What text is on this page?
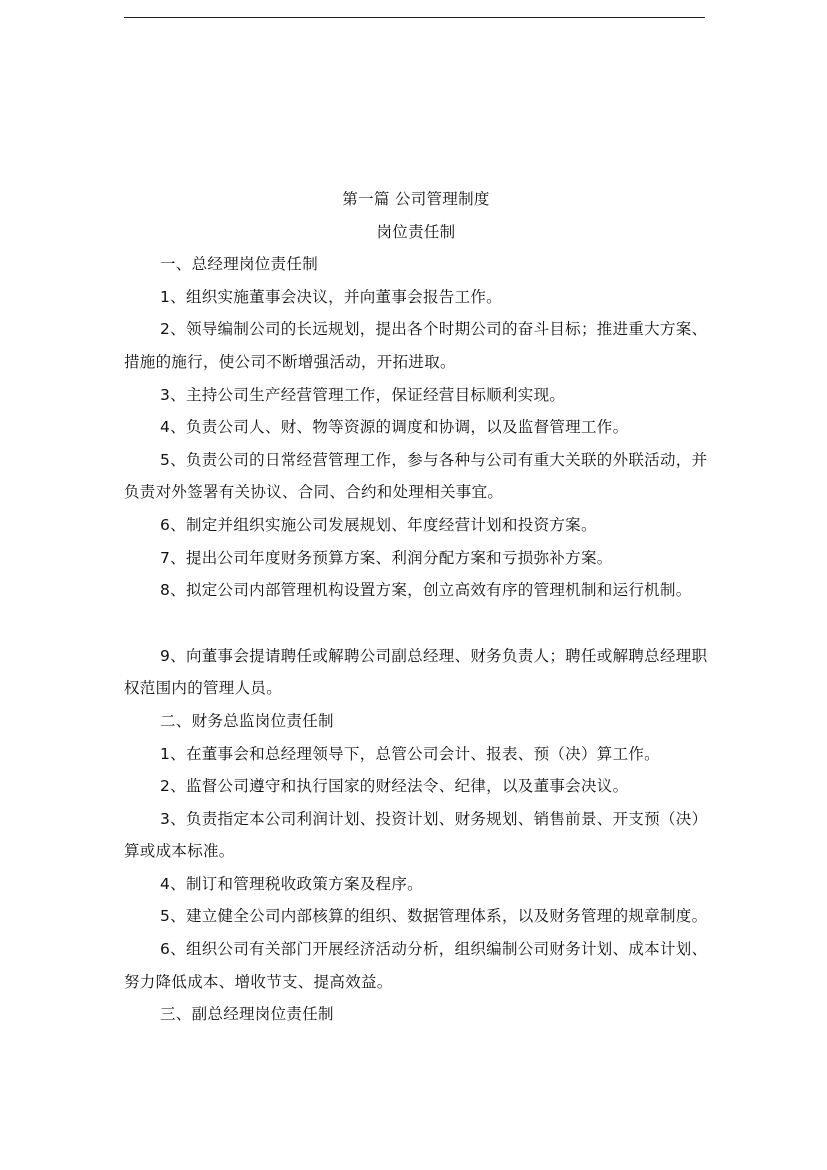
第一篇 公司管理制度

岗位责任制

一、总经理岗位责任制

1、组织实施董事会决议，并向董事会报告工作。

2、领导编制公司的长远规划，提出各个时期公司的奋斗目标；推进重大方案、措施的施行，使公司不断增强活动，开拓进取。

3、主持公司生产经营管理工作，保证经营目标顺利实现。

4、负责公司人、财、物等资源的调度和协调，以及监督管理工作。

5、负责公司的日常经营管理工作，参与各种与公司有重大关联的外联活动，并负责对外签署有关协议、合同、合约和处理相关事宜。

6、制定并组织实施公司发展规划、年度经营计划和投资方案。

7、提出公司年度财务预算方案、利润分配方案和亏损弥补方案。

8、拟定公司内部管理机构设置方案，创立高效有序的管理机制和运行机制。

9、向董事会提请聘任或解聘公司副总经理、财务负责人；聘任或解聘总经理职权范围内的管理人员。

二、财务总监岗位责任制

1、在董事会和总经理领导下，总管公司会计、报表、预（决）算工作。

2、监督公司遵守和执行国家的财经法令、纪律，以及董事会决议。

3、负责指定本公司利润计划、投资计划、财务规划、销售前景、开支预（决）算或成本标准。

4、制订和管理税收政策方案及程序。

5、建立健全公司内部核算的组织、数据管理体系，以及财务管理的规章制度。

6、组织公司有关部门开展经济活动分析，组织编制公司财务计划、成本计划、努力降低成本、增收节支、提高效益。

三、副总经理岗位责任制
